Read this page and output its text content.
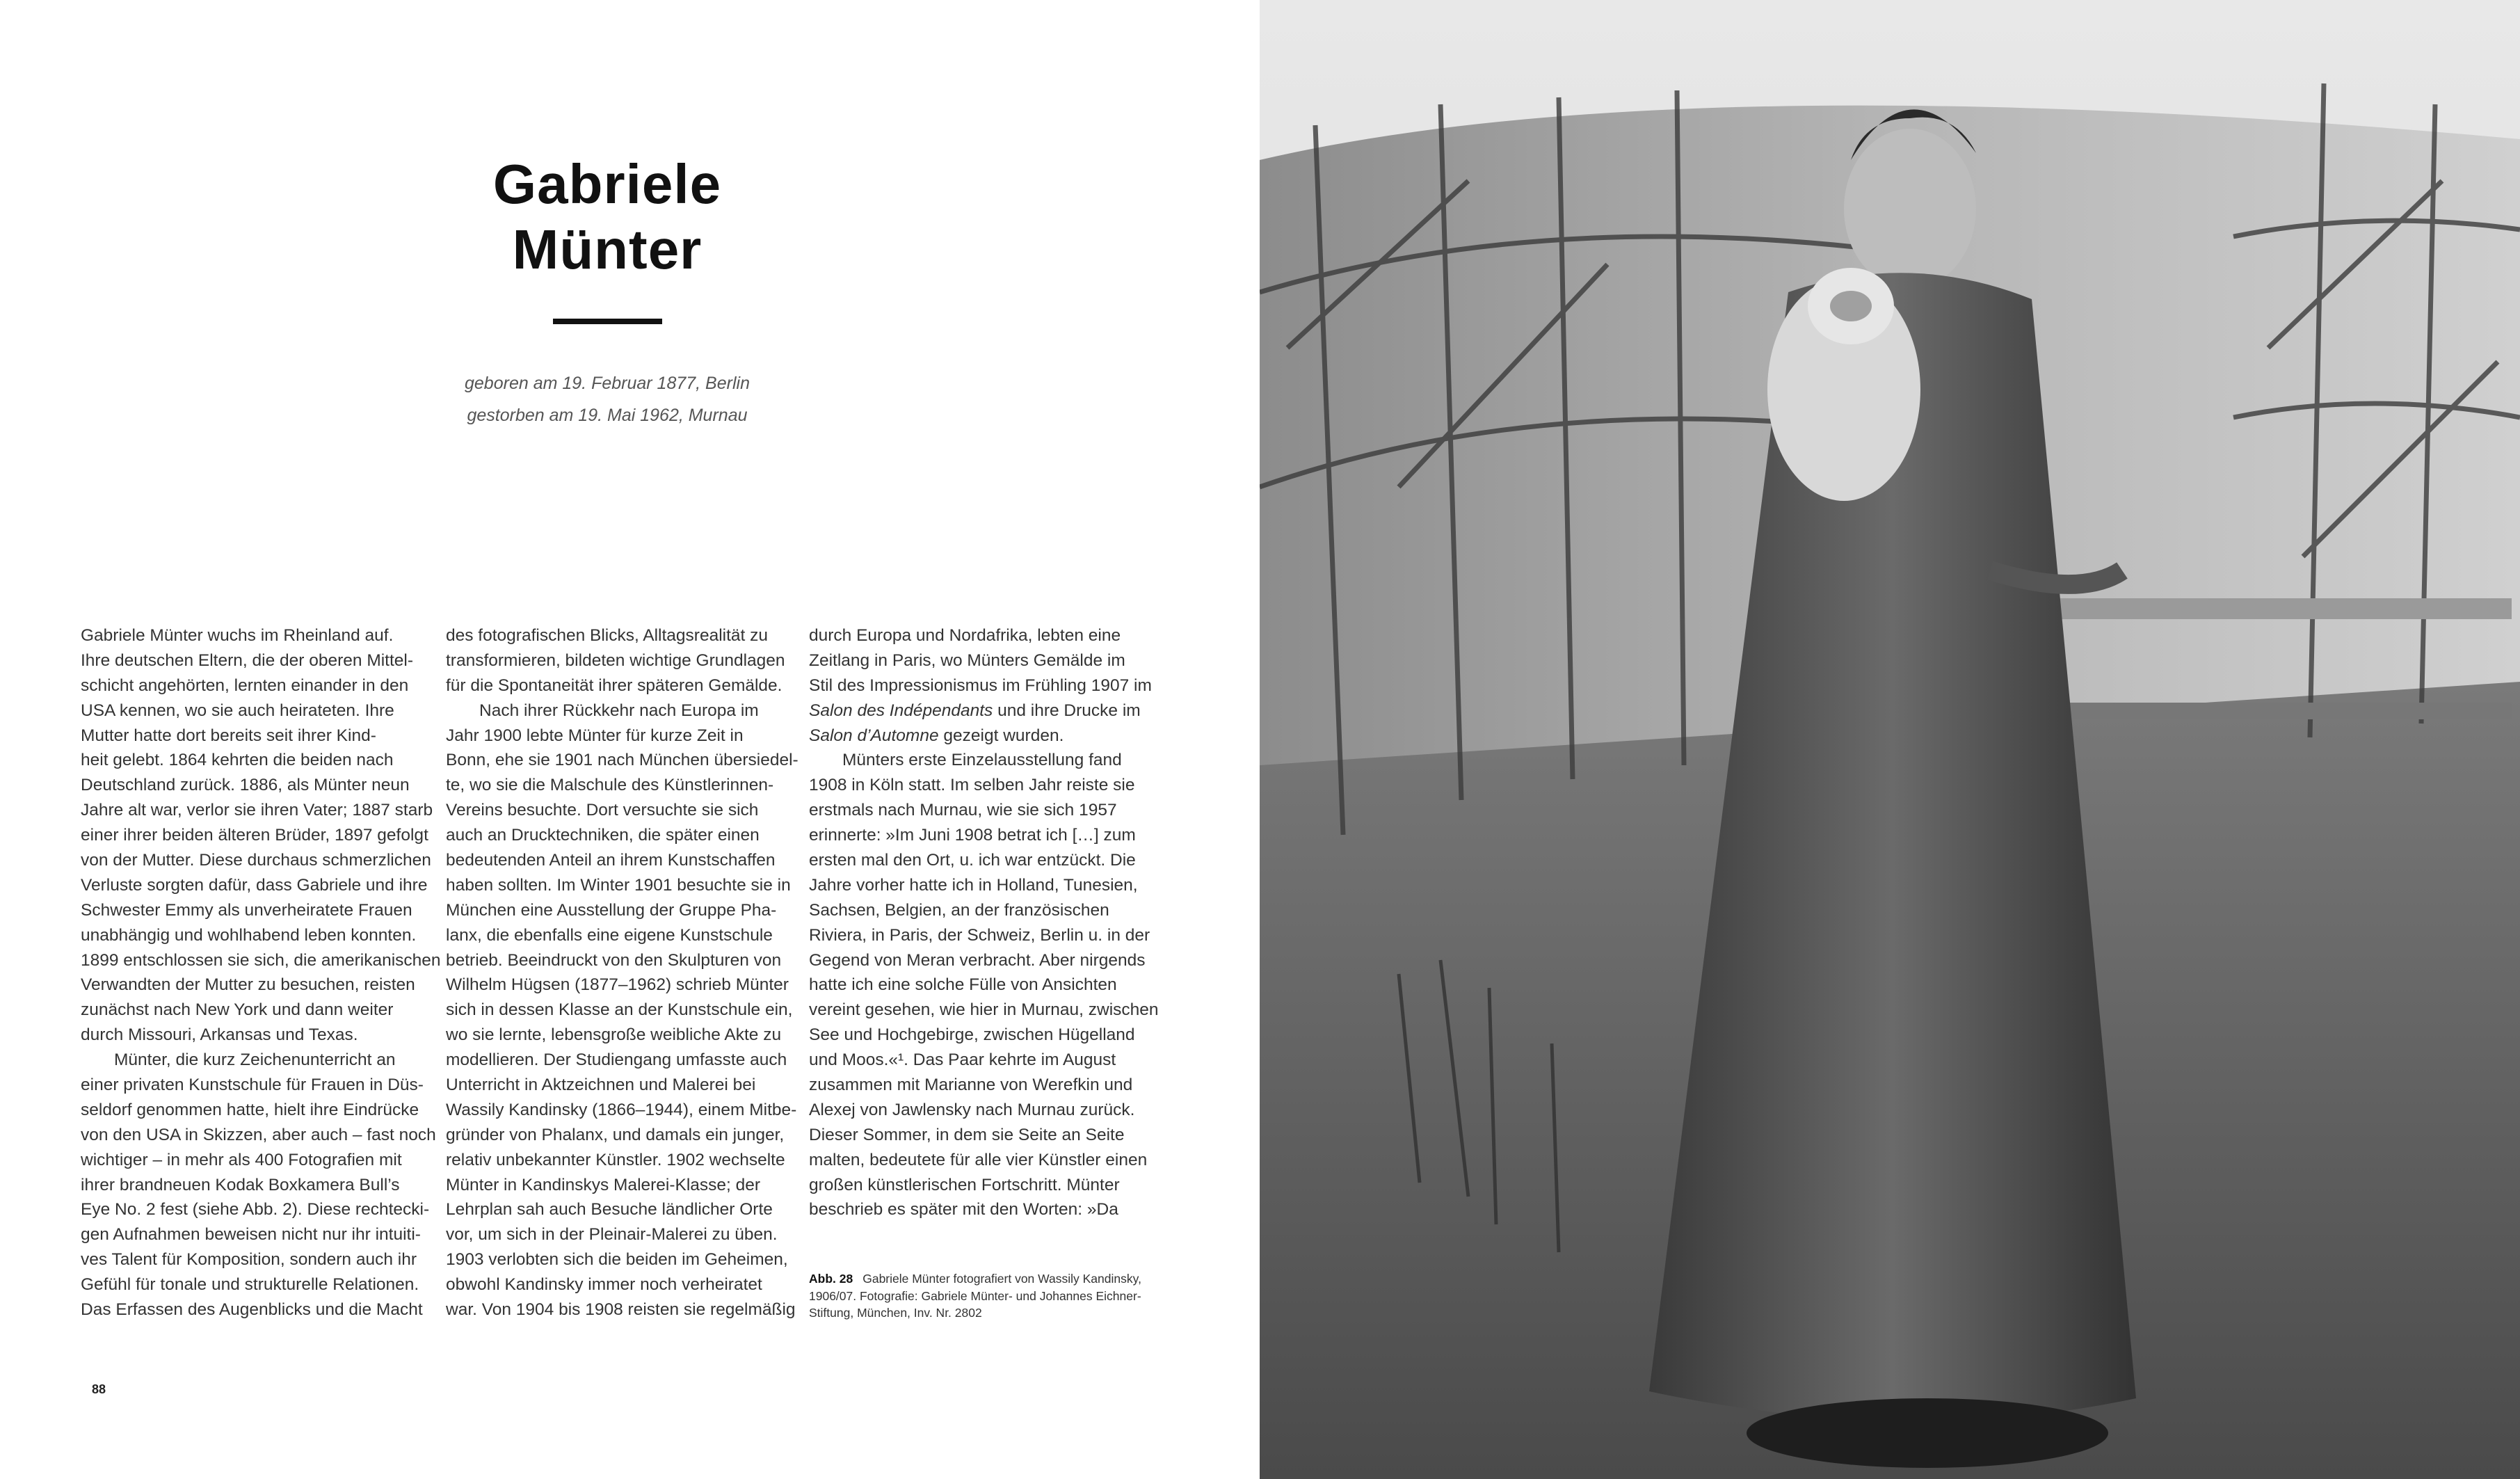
Gabriele
Münter
geboren am 19. Februar 1877, Berlin
gestorben am 19. Mai 1962, Murnau
Gabriele Münter wuchs im Rheinland auf.
Ihre deutschen Eltern, die der oberen Mittel-
schicht angehörten, lernten einander in den
USA kennen, wo sie auch heirateten. Ihre
Mutter hatte dort bereits seit ihrer Kind-
heit gelebt. 1864 kehrten die beiden nach
Deutschland zurück. 1886, als Münter neun
Jahre alt war, verlor sie ihren Vater; 1887 starb
einer ihrer beiden älteren Brüder, 1897 gefolgt
von der Mutter. Diese durchaus schmerzlichen
Verluste sorgten dafür, dass Gabriele und ihre
Schwester Emmy als unverheiratete Frauen
unabhängig und wohlhabend leben konnten.
1899 entschlossen sie sich, die amerikanischen
Verwandten der Mutter zu besuchen, reisten
zunächst nach New York und dann weiter
durch Missouri, Arkansas und Texas.
Münter, die kurz Zeichenunterricht an
einer privaten Kunstschule für Frauen in Düs-
seldorf genommen hatte, hielt ihre Eindrücke
von den USA in Skizzen, aber auch – fast noch
wichtiger – in mehr als 400 Fotografien mit
ihrer brandneuen Kodak Boxkamera Bull’s
Eye No. 2 fest (siehe Abb. 2). Diese rechtecki-
gen Aufnahmen beweisen nicht nur ihr intuiti-
ves Talent für Komposition, sondern auch ihr
Gefühl für tonale und strukturelle Relationen.
Das Erfassen des Augenblicks und die Macht
des fotografischen Blicks, Alltagsrealität zu
transformieren, bildeten wichtige Grundlagen
für die Spontaneität ihrer späteren Gemälde.
Nach ihrer Rückkehr nach Europa im
Jahr 1900 lebte Münter für kurze Zeit in
Bonn, ehe sie 1901 nach München übersiedel-
te, wo sie die Malschule des Künstlerinnen-
Vereins besuchte. Dort versuchte sie sich
auch an Drucktechniken, die später einen
bedeutenden Anteil an ihrem Kunstschaffen
haben sollten. Im Winter 1901 besuchte sie in
München eine Ausstellung der Gruppe Pha-
lanx, die ebenfalls eine eigene Kunstschule
betrieb. Beeindruckt von den Skulpturen von
Wilhelm Hügsen (1877–1962) schrieb Münter
sich in dessen Klasse an der Kunstschule ein,
wo sie lernte, lebensgroße weibliche Akte zu
modellieren. Der Studiengang umfasste auch
Unterricht in Aktzeichnen und Malerei bei
Wassily Kandinsky (1866–1944), einem Mitbe-
gründer von Phalanx, und damals ein junger,
relativ unbekannter Künstler. 1902 wechselte
Münter in Kandinskys Malerei-Klasse; der
Lehrplan sah auch Besuche ländlicher Orte
vor, um sich in der Pleinair-Malerei zu üben.
1903 verlobten sich die beiden im Geheimen,
obwohl Kandinsky immer noch verheiratet
war. Von 1904 bis 1908 reisten sie regelmäßig
durch Europa und Nordafrika, lebten eine
Zeitlang in Paris, wo Münters Gemälde im
Stil des Impressionismus im Frühling 1907 im
Salon des Indépendants und ihre Drucke im
Salon d’Automne gezeigt wurden.
Münters erste Einzelausstellung fand
1908 in Köln statt. Im selben Jahr reiste sie
erstmals nach Murnau, wie sie sich 1957
erinnerte: »Im Juni 1908 betrat ich […] zum
ersten mal den Ort, u. ich war entzückt. Die
Jahre vorher hatte ich in Holland, Tunesien,
Sachsen, Belgien, an der französischen
Riviera, in Paris, der Schweiz, Berlin u. in der
Gegend von Meran verbracht. Aber nirgends
hatte ich eine solche Fülle von Ansichten
vereint gesehen, wie hier in Murnau, zwischen
See und Hochgebirge, zwischen Hügelland
und Moos.«¹. Das Paar kehrte im August
zusammen mit Marianne von Werefkin und
Alexej von Jawlensky nach Murnau zurück.
Dieser Sommer, in dem sie Seite an Seite
malten, bedeutete für alle vier Künstler einen
großen künstlerischen Fortschritt. Münter
beschrieb es später mit den Worten: »Da
Abb. 28 Gabriele Münter fotografiert von Wassily Kandinsky, 1906/07. Fotografie: Gabriele Münter- und Johannes Eichner-Stiftung, München, Inv. Nr. 2802
88
